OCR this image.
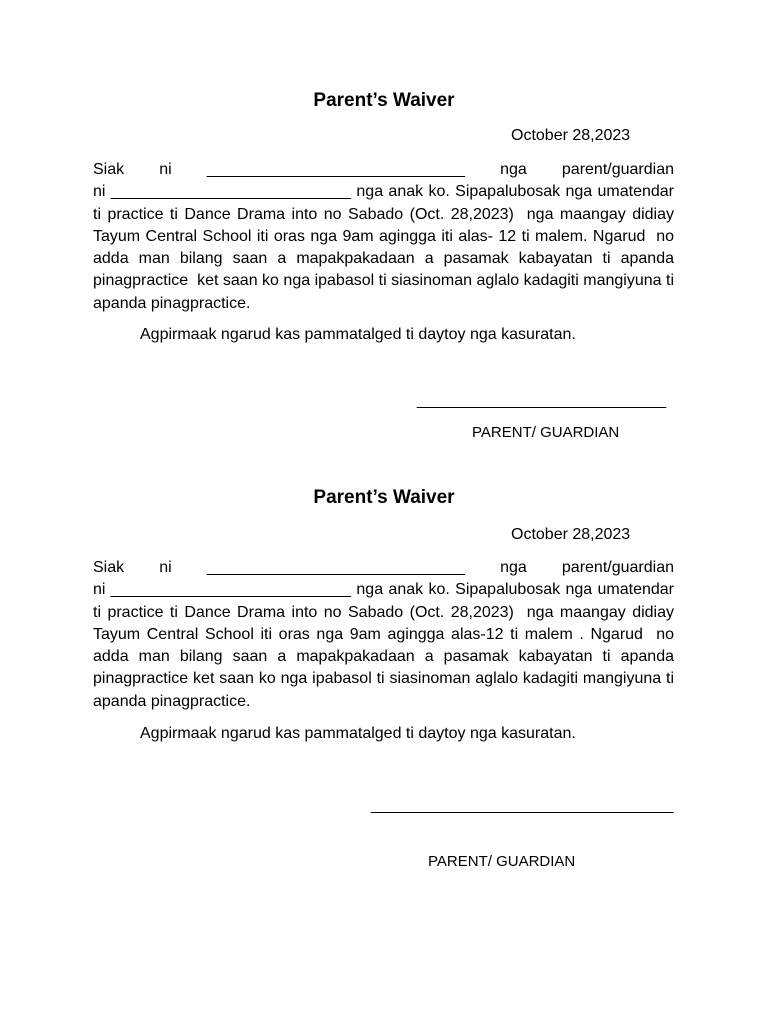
Parent’s Waiver
October 28,2023

Siak      ni      _____________________________      nga      parent/guardian      ni ___________________________ nga anak ko. Sipapalubosak nga umatendar ti practice ti Dance Drama into no Sabado (Oct. 28,2023)  nga maangay didiay Tayum Central School iti oras nga 9am agingga iti alas- 12 ti malem. Ngarud  no adda man bilang saan a mapakpakadaan a pasamak kabayatan ti apanda pinagpractice  ket saan ko nga ipabasol ti siasinoman aglalo kadagiti mangiyuna ti apanda pinagpractice.

Agpirmaak ngarud kas pammatalged ti daytoy nga kasuratan.
____________________________
PARENT/ GUARDIAN
Parent’s Waiver
October 28,2023

Siak      ni      _____________________________      nga      parent/guardian      ni ___________________________ nga anak ko. Sipapalubosak nga umatendar ti practice ti Dance Drama into no Sabado (Oct. 28,2023)  nga maangay didiay Tayum Central School iti oras nga 9am agingga alas-12 ti malem . Ngarud  no adda man bilang saan a mapakpakadaan a pasamak kabayatan ti apanda pinagpractice ket saan ko nga ipabasol ti siasinoman aglalo kadagiti mangiyuna ti apanda pinagpractice.

Agpirmaak ngarud kas pammatalged ti daytoy nga kasuratan.
__________________________________
PARENT/ GUARDIAN
